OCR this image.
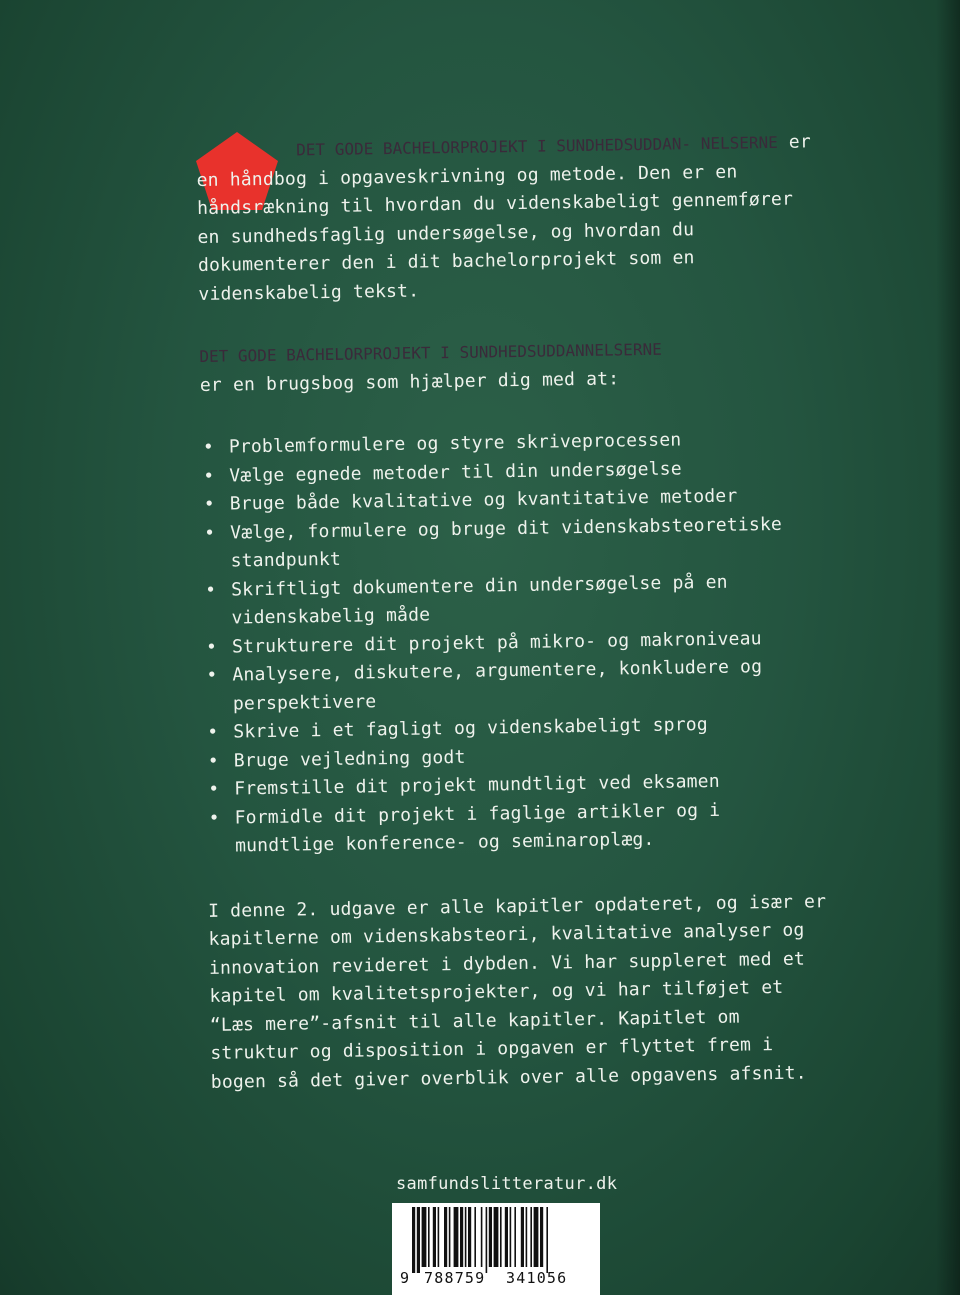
DET GODE BACHELORPROJEKT I SUNDHEDSUDDAN- NELSERNE er en håndbog i opgaveskrivning og metode. Den er en håndsrækning til hvordan du videnskabeligt gennemfører en sundhedsfaglig undersøgelse, og hvordan du dokumenterer den i dit bachelorprojekt som en videnskabelig tekst.

DET GODE BACHELORPROJEKT I SUNDHEDSUDDANNELSERNE
er en brugsbog som hjælper dig med at:

• Problemformulere og styre skriveprocessen
• Vælge egnede metoder til din undersøgelse
• Bruge både kvalitative og kvantitative metoder
• Vælge, formulere og bruge dit videnskabsteoretiske standpunkt
• Skriftligt dokumentere din undersøgelse på en videnskabelig måde
• Strukturere dit projekt på mikro- og makroniveau
• Analysere, diskutere, argumentere, konkludere og perspektivere
• Skrive i et fagligt og videnskabeligt sprog
• Bruge vejledning godt
• Fremstille dit projekt mundtligt ved eksamen
• Formidle dit projekt i faglige artikler og i mundtlige konference- og seminaroplæg.

I denne 2. udgave er alle kapitler opdateret, og især er kapitlerne om videnskabsteori, kvalitative analyser og innovation revideret i dybden. Vi har suppleret med et kapitel om kvalitetsprojekter, og vi har tilføjet et “Læs mere”-afsnit til alle kapitler. Kapitlet om struktur og disposition i opgaven er flyttet frem i bogen så det giver overblik over alle opgavens afsnit.

samfundslitteratur.dk
9 788759 341056
